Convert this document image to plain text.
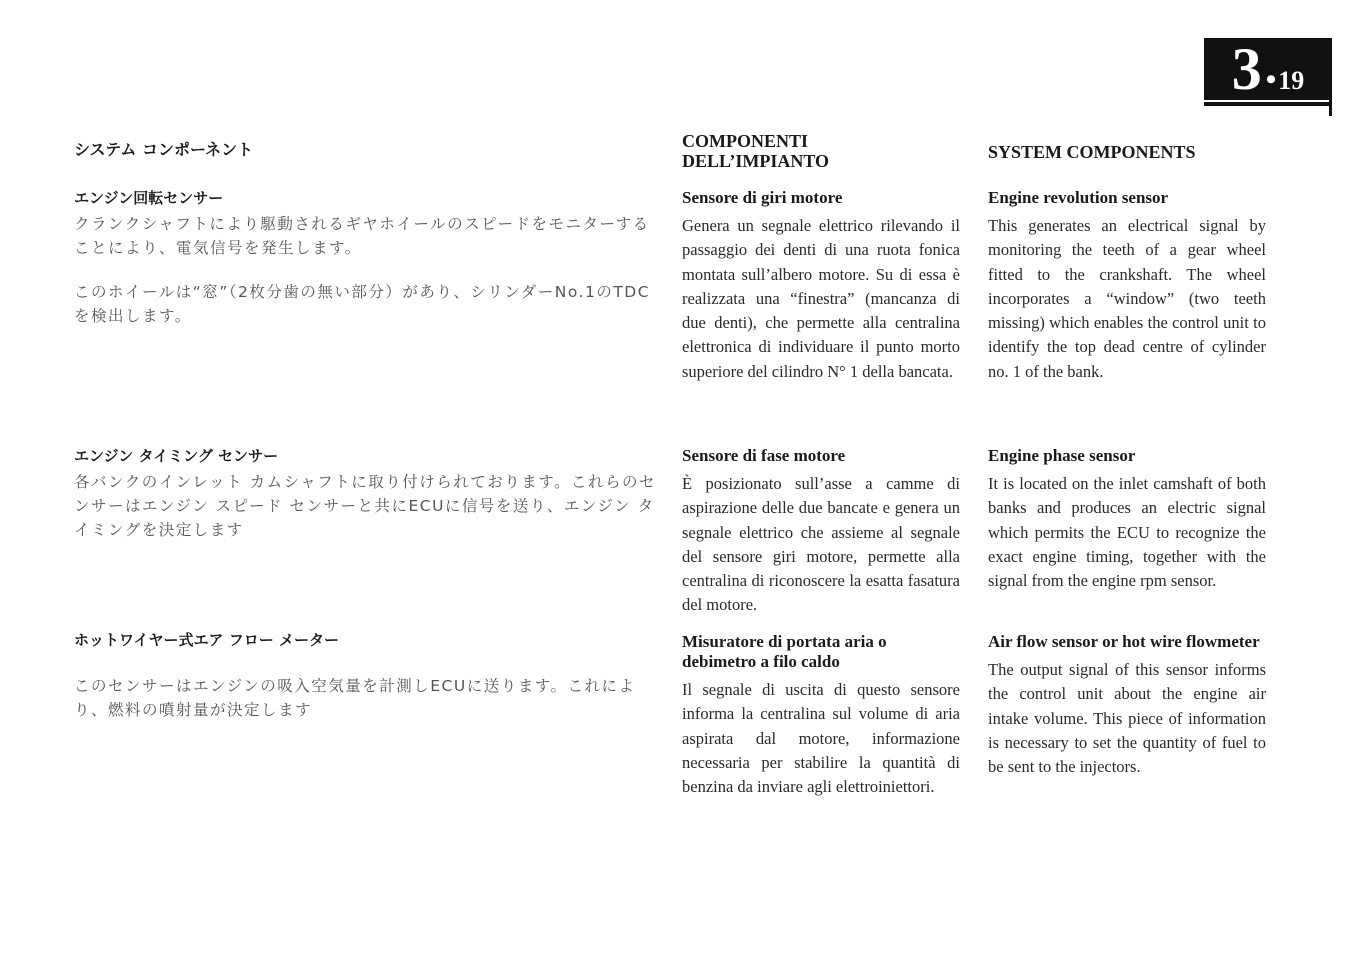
3 • 19
システム コンポーネント
エンジン回転センサー

クランクシャフトにより駆動されるギヤホイールのスピードをモニターすることにより、電気信号を発生します。

このホイールは“窓”（2枚分歯の無い部分）があり、シリンダーNo.1のTDCを検出します。

エンジン タイミング センサー

各バンクのインレット カムシャフトに取り付けられております。これらのセンサーはエンジン スピード センサーと共にECUに信号を送り、エンジン タイミングを決定します

ホットワイヤー式エア フロー メーター

このセンサーはエンジンの吸入空気量を計測しECUに送ります。これにより、燃料の噴射量が決定します

COMPONENTI
DELL’IMPIANTO
Sensore di giri motore

Genera un segnale elettrico rilevando il passaggio dei denti di una ruota fonica montata sull’albero motore. Su di essa è realizzata una “finestra” (mancanza di due denti), che permette alla centralina elettronica di individuare il punto morto superiore del cilindro N° 1 della bancata.

Sensore di fase motore

È posizionato sull’asse a camme di aspirazione delle due bancate e genera un segnale elettrico che assieme al segnale del sensore giri motore, permette alla centralina di riconoscere la esatta fasatura del motore.

Misuratore di portata aria o debimetro a filo caldo

Il segnale di uscita di questo sensore informa la centralina sul volume di aria aspirata dal motore, informazione necessaria per stabilire la quantità di benzina da inviare agli elettroiniettori.

SYSTEM COMPONENTS
Engine revolution sensor

This generates an electrical signal by monitoring the teeth of a gear wheel fitted to the crankshaft. The wheel incorporates a “window” (two teeth missing) which enables the control unit to identify the top dead centre of cylinder no. 1 of the bank.

Engine phase sensor

It is located on the inlet camshaft of both banks and produces an electric signal which permits the ECU to recognize the exact engine timing, together with the signal from the engine rpm sensor.

Air flow sensor or hot wire flowmeter

The output signal of this sensor informs the control unit about the engine air intake volume. This piece of information is necessary to set the quantity of fuel to be sent to the injectors.
